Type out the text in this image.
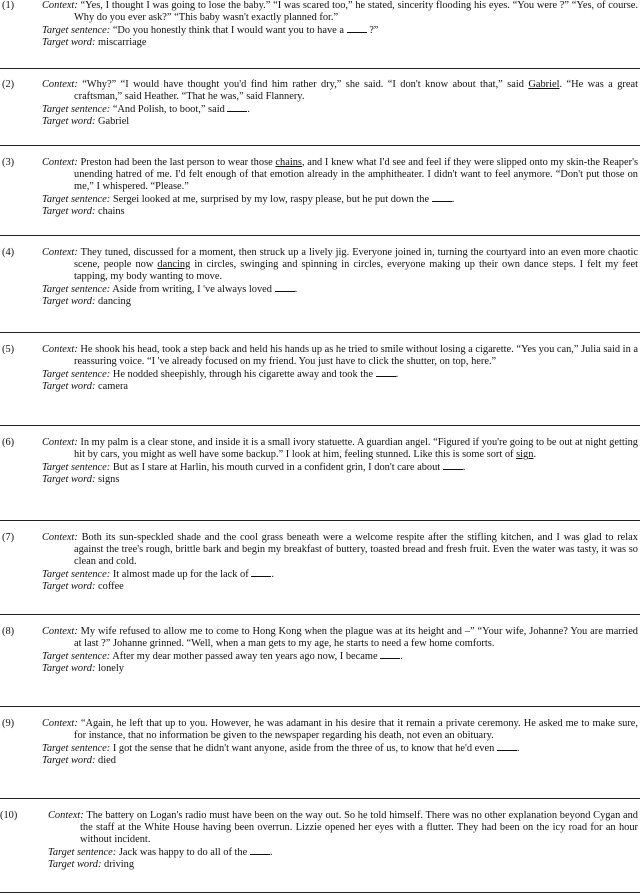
(1)	Context: “Yes, I thought I was going to lose the baby.” “I was scared too,” he stated, sincerity flooding his eyes. “You were ?” “Yes, of course. Why do you ever ask?” “This baby wasn't exactly planned for.”
Target sentence: “Do you honestly think that I would want you to have a ?”
Target word: miscarriage
(2)	Context: “Why?” “I would have thought you'd find him rather dry,” she said. “I don't know about that,” said Gabriel. “He was a great craftsman,” said Heather. “That he was,” said Flannery.
Target sentence: “And Polish, to boot,” said .
Target word: Gabriel
(3)	Context: Preston had been the last person to wear those chains, and I knew what I'd see and feel if they were slipped onto my skin-the Reaper's unending hatred of me. I'd felt enough of that emotion already in the amphitheater. I didn't want to feel anymore. “Don't put those on me,” I whispered. “Please.”
Target sentence: Sergei looked at me, surprised by my low, raspy please, but he put down the .
Target word: chains
(4)	Context: They tuned, discussed for a moment, then struck up a lively jig. Everyone joined in, turning the courtyard into an even more chaotic scene, people now dancing in circles, swinging and spinning in circles, everyone making up their own dance steps. I felt my feet tapping, my body wanting to move.
Target sentence: Aside from writing, I 've always loved .
Target word: dancing
(5)	Context: He shook his head, took a step back and held his hands up as he tried to smile without losing a cigarette. “Yes you can,” Julia said in a reassuring voice. “I 've already focused on my friend. You just have to click the shutter, on top, here.”
Target sentence: He nodded sheepishly, through his cigarette away and took the .
Target word: camera
(6)	Context: In my palm is a clear stone, and inside it is a small ivory statuette. A guardian angel. “Figured if you're going to be out at night getting hit by cars, you might as well have some backup.” I look at him, feeling stunned. Like this is some sort of sign.
Target sentence: But as I stare at Harlin, his mouth curved in a confident grin, I don't care about .
Target word: signs
(7)	Context: Both its sun-speckled shade and the cool grass beneath were a welcome respite after the stifling kitchen, and I was glad to relax against the tree's rough, brittle bark and begin my breakfast of buttery, toasted bread and fresh fruit. Even the water was tasty, it was so clean and cold.
Target sentence: It almost made up for the lack of .
Target word: coffee
(8)	Context: My wife refused to allow me to come to Hong Kong when the plague was at its height and –” “Your wife, Johanne? You are married at last ?” Johanne grinned. “Well, when a man gets to my age, he starts to need a few home comforts.
Target sentence: After my dear mother passed away ten years ago now, I became .
Target word: lonely
(9)	Context: “Again, he left that up to you. However, he was adamant in his desire that it remain a private ceremony. He asked me to make sure, for instance, that no information be given to the newspaper regarding his death, not even an obituary.
Target sentence: I got the sense that he didn't want anyone, aside from the three of us, to know that he'd even .
Target word: died
(10)	Context: The battery on Logan's radio must have been on the way out. So he told himself. There was no other explanation beyond Cygan and the staff at the White House having been overrun. Lizzie opened her eyes with a flutter. They had been on the icy road for an hour without incident.
Target sentence: Jack was happy to do all of the .
Target word: driving
